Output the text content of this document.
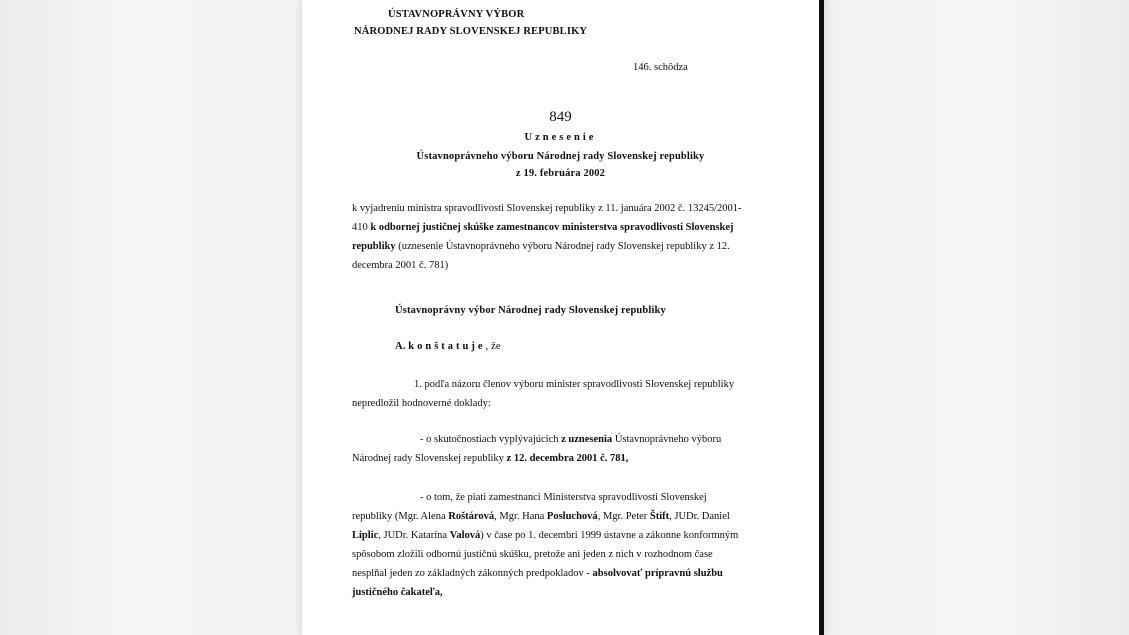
ÚSTAVNOPRÁVNY VÝBOR
NÁRODNEJ RADY SLOVENSKEJ REPUBLIKY
146. schôdza
849
Uznesenie
Ústavnoprávneho výboru Národnej rady Slovenskej republiky
z 19. februára 2002
k vyjadreniu ministra spravodlivosti Slovenskej republiky z 11. januára 2002 č. 13245/2001-
410 k odbornej justičnej skúške zamestnancov ministerstva spravodlivosti Slovenskej
republiky (uznesenie Ústavnoprávneho výboru Národnej rady Slovenskej republiky z 12.
decembra 2001 č. 781)
Ústavnoprávny výbor Národnej rady Slovenskej republiky
A. konštatuje, že
1. podľa názoru členov výboru minister spravodlivosti Slovenskej republiky
nepredložil hodnoverné doklady:
- o skutočnostiach vyplývajúcich z uznesenia Ústavnoprávneho výboru
Národnej rady Slovenskej republiky z 12. decembra 2001 č. 781,
- o tom, že piati zamestnanci Ministerstva spravodlivosti Slovenskej
republiky (Mgr. Alena Roštárová, Mgr. Hana Posluchová, Mgr. Peter Štift, JUDr. Daniel
Liplic, JUDr. Katarína Valová) v čase po 1. decembri 1999 ústavne a zákonne konformným
spôsobom zložili odbornú justičnú skúšku, pretože ani jeden z nich v rozhodnom čase
nesplňal jeden zo základných zákonných predpokladov - absolvovať prípravnú službu
justičného čakateľa,
